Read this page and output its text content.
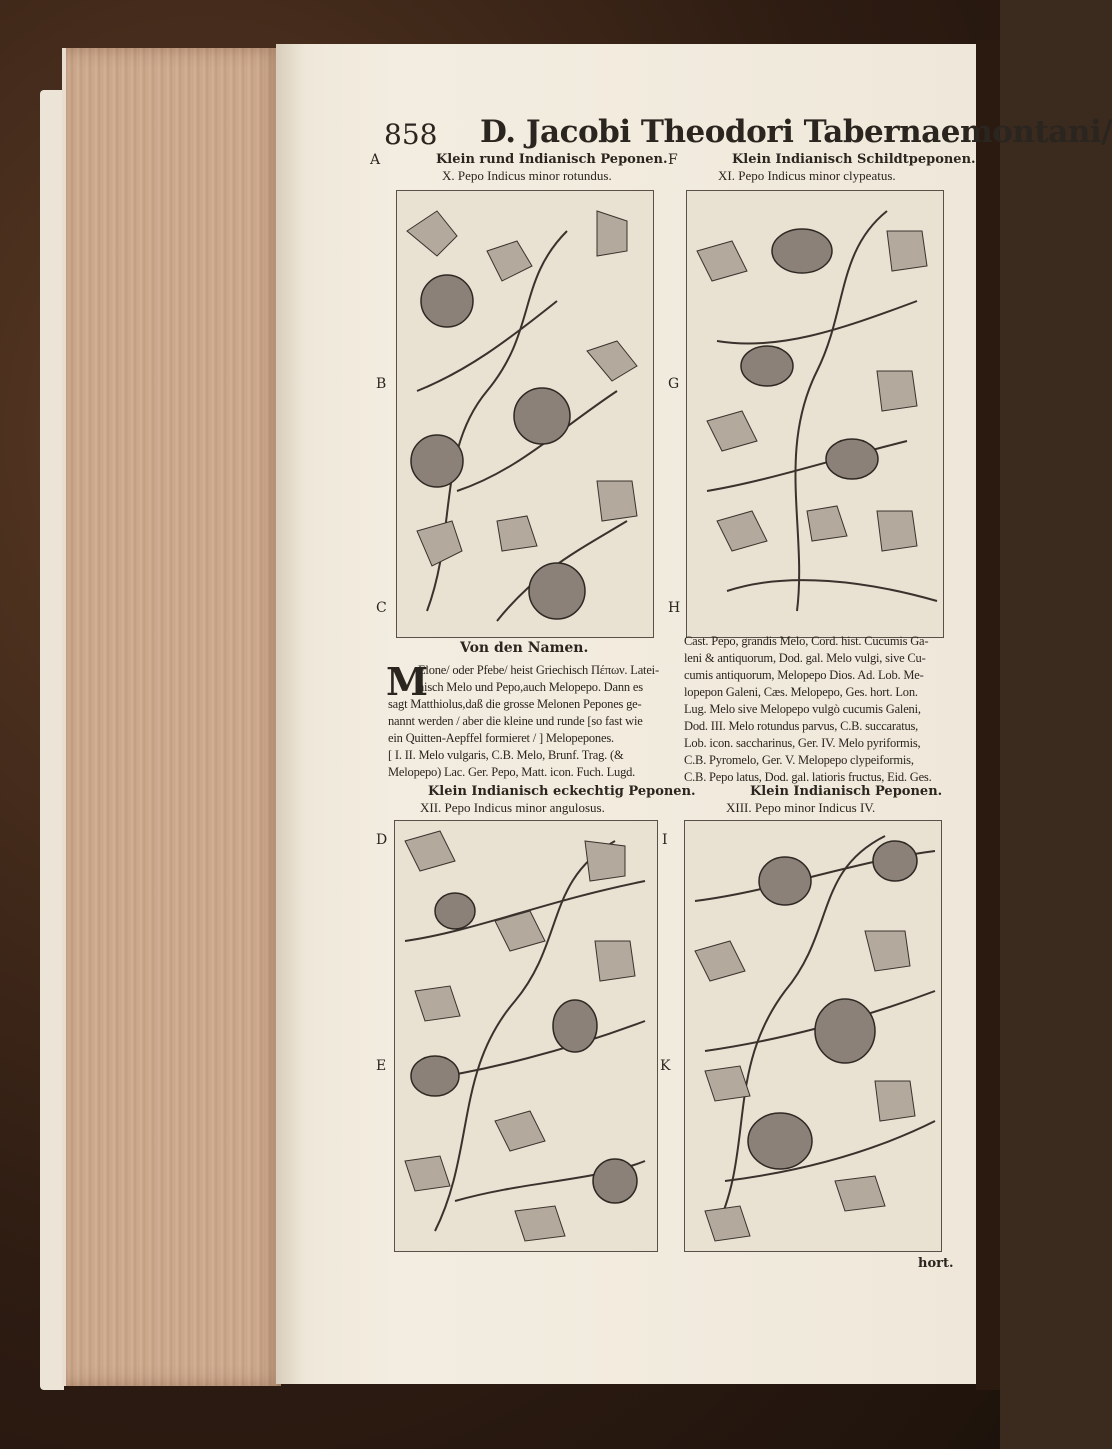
858 D. Jacobi Theodori Tabernaemontani/
A
B
C
D
E
F
G
H
I
K
Klein rund Indianisch Peponen.
X. Pepo Indicus minor rotundus.
Klein Indianisch Schildtpeponen.
XI. Pepo Indicus minor clypeatus.
Von den Namen.
M
Elone/ oder Pfebe/ heist Griechisch Πέπων. Latei-
nisch Melo und Pepo,auch Melopepo. Dann es
sagt Matthiolus,daß die grosse Melonen Pepones ge-
nannt werden / aber die kleine und runde [so fast wie
ein Quitten-Aepffel formieret / ] Melopepones.
[ I. II. Melo vulgaris, C.B. Melo, Brunf. Trag. (&
Melopepo) Lac. Ger. Pepo, Matt. icon. Fuch. Lugd.
Cast. Pepo, grandis Melo, Cord. hist. Cucumis Ga-
leni & antiquorum, Dod. gal. Melo vulgi, sive Cu-
cumis antiquorum, Melopepo Dios. Ad. Lob. Me-
lopepon Galeni, Cæs. Melopepo, Ges. hort. Lon.
Lug. Melo sive Melopepo vulgò cucumis Galeni,
Dod. III. Melo rotundus parvus, C.B. succaratus,
Lob. icon. saccharinus, Ger. IV. Melo pyriformis,
C.B. Pyromelo, Ger. V. Melopepo clypeiformis,
C.B. Pepo latus, Dod. gal. latioris fructus, Eid. Ges.
Klein Indianisch eckechtig Peponen.
XII. Pepo Indicus minor angulosus.
Klein Indianisch Peponen.
XIII. Pepo minor Indicus IV.
hort.
